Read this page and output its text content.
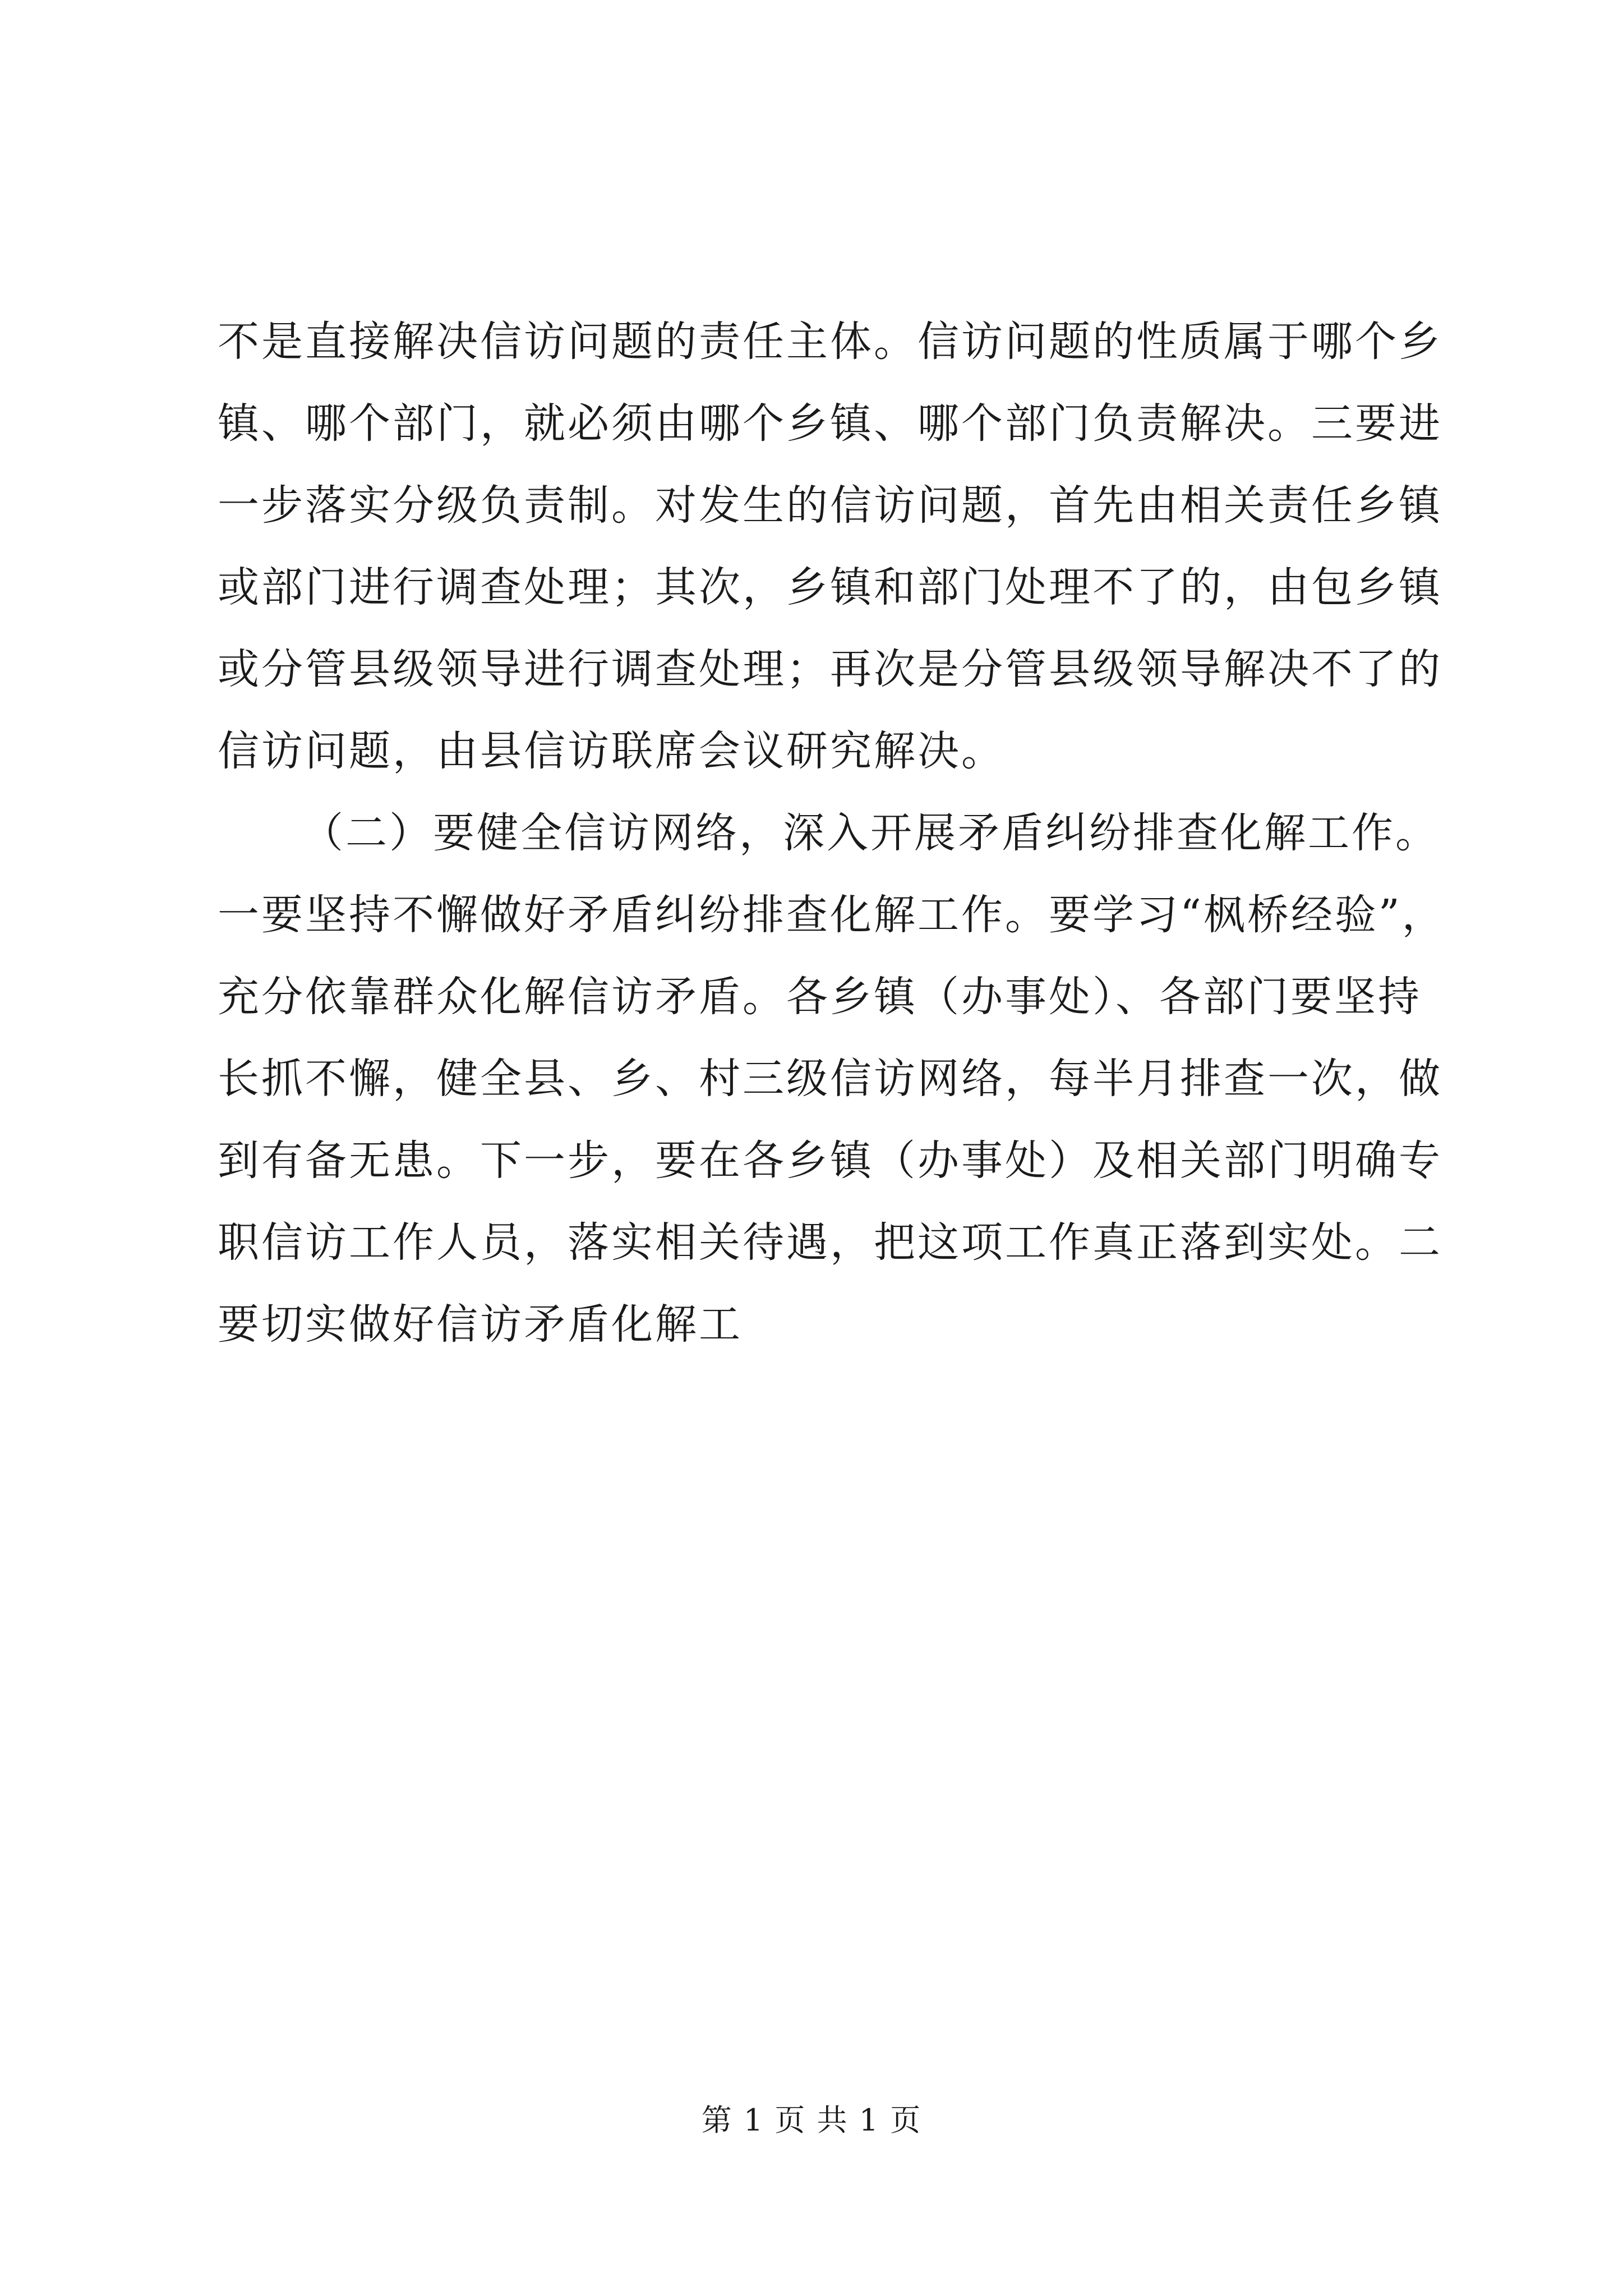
不是直接解决信访问题的责任主体。信访问题的性质属于哪个乡
镇、哪个部门，就必须由哪个乡镇、哪个部门负责解决。三要进
一步落实分级负责制。对发生的信访问题，首先由相关责任乡镇
或部门进行调查处理；其次，乡镇和部门处理不了的，由包乡镇
或分管县级领导进行调查处理；再次是分管县级领导解决不了的
信访问题，由县信访联席会议研究解决。
（二）要健全信访网络，深入开展矛盾纠纷排查化解工作。
一要坚持不懈做好矛盾纠纷排查化解工作。要学习“枫桥经验”，
充分依靠群众化解信访矛盾。各乡镇（办事处）、各部门要坚持
长抓不懈，健全县、乡、村三级信访网络，每半月排查一次，做
到有备无患。下一步，要在各乡镇（办事处）及相关部门明确专
职信访工作人员，落实相关待遇，把这项工作真正落到实处。二
要切实做好信访矛盾化解工
第 1 页 共 1 页
